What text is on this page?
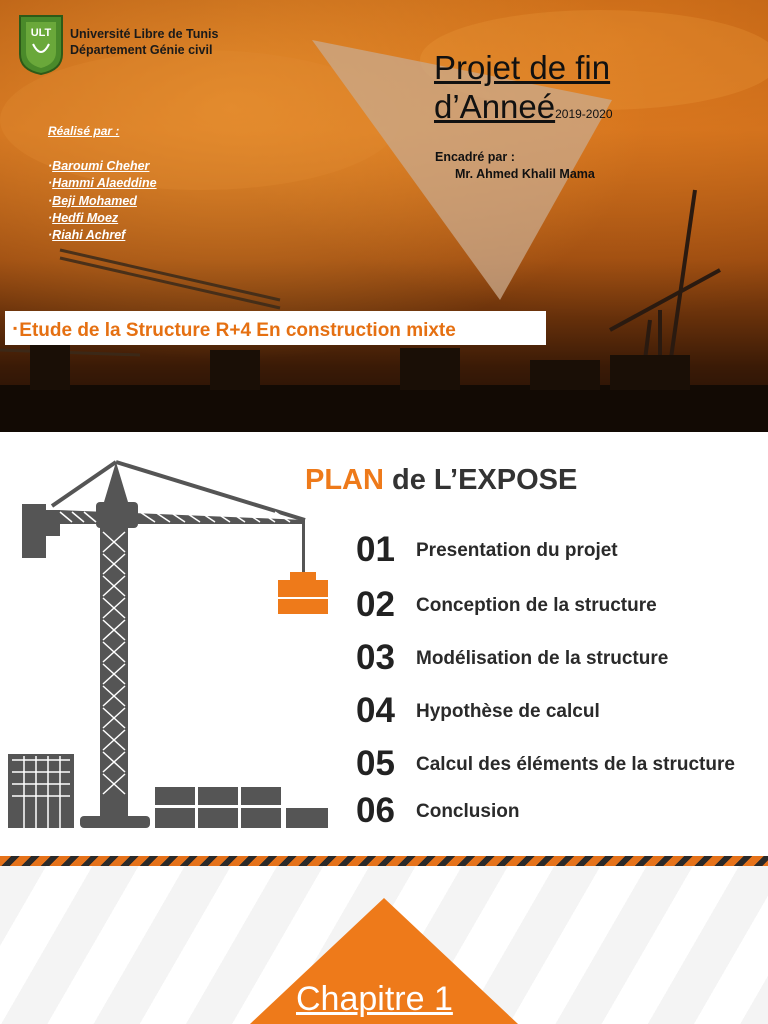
ULT Université Libre de Tunis
Département Génie civil
Réalisé par :
·Baroumi Cheher
·Hammi Alaeddine
·Beji Mohamed
·Hedfi Moez
·Riahi Achref
Projet de fin
d’Anneé2019-2020
Encadré par :
Mr. Ahmed Khalil Mama
▪ Etude de la Structure R+4 En construction mixte
PLAN de L’EXPOSE
01 Presentation du projet
02 Conception de la structure
03 Modélisation de la structure
04 Hypothèse de calcul
05 Calcul des éléments de la structure
06 Conclusion
Chapitre 1
